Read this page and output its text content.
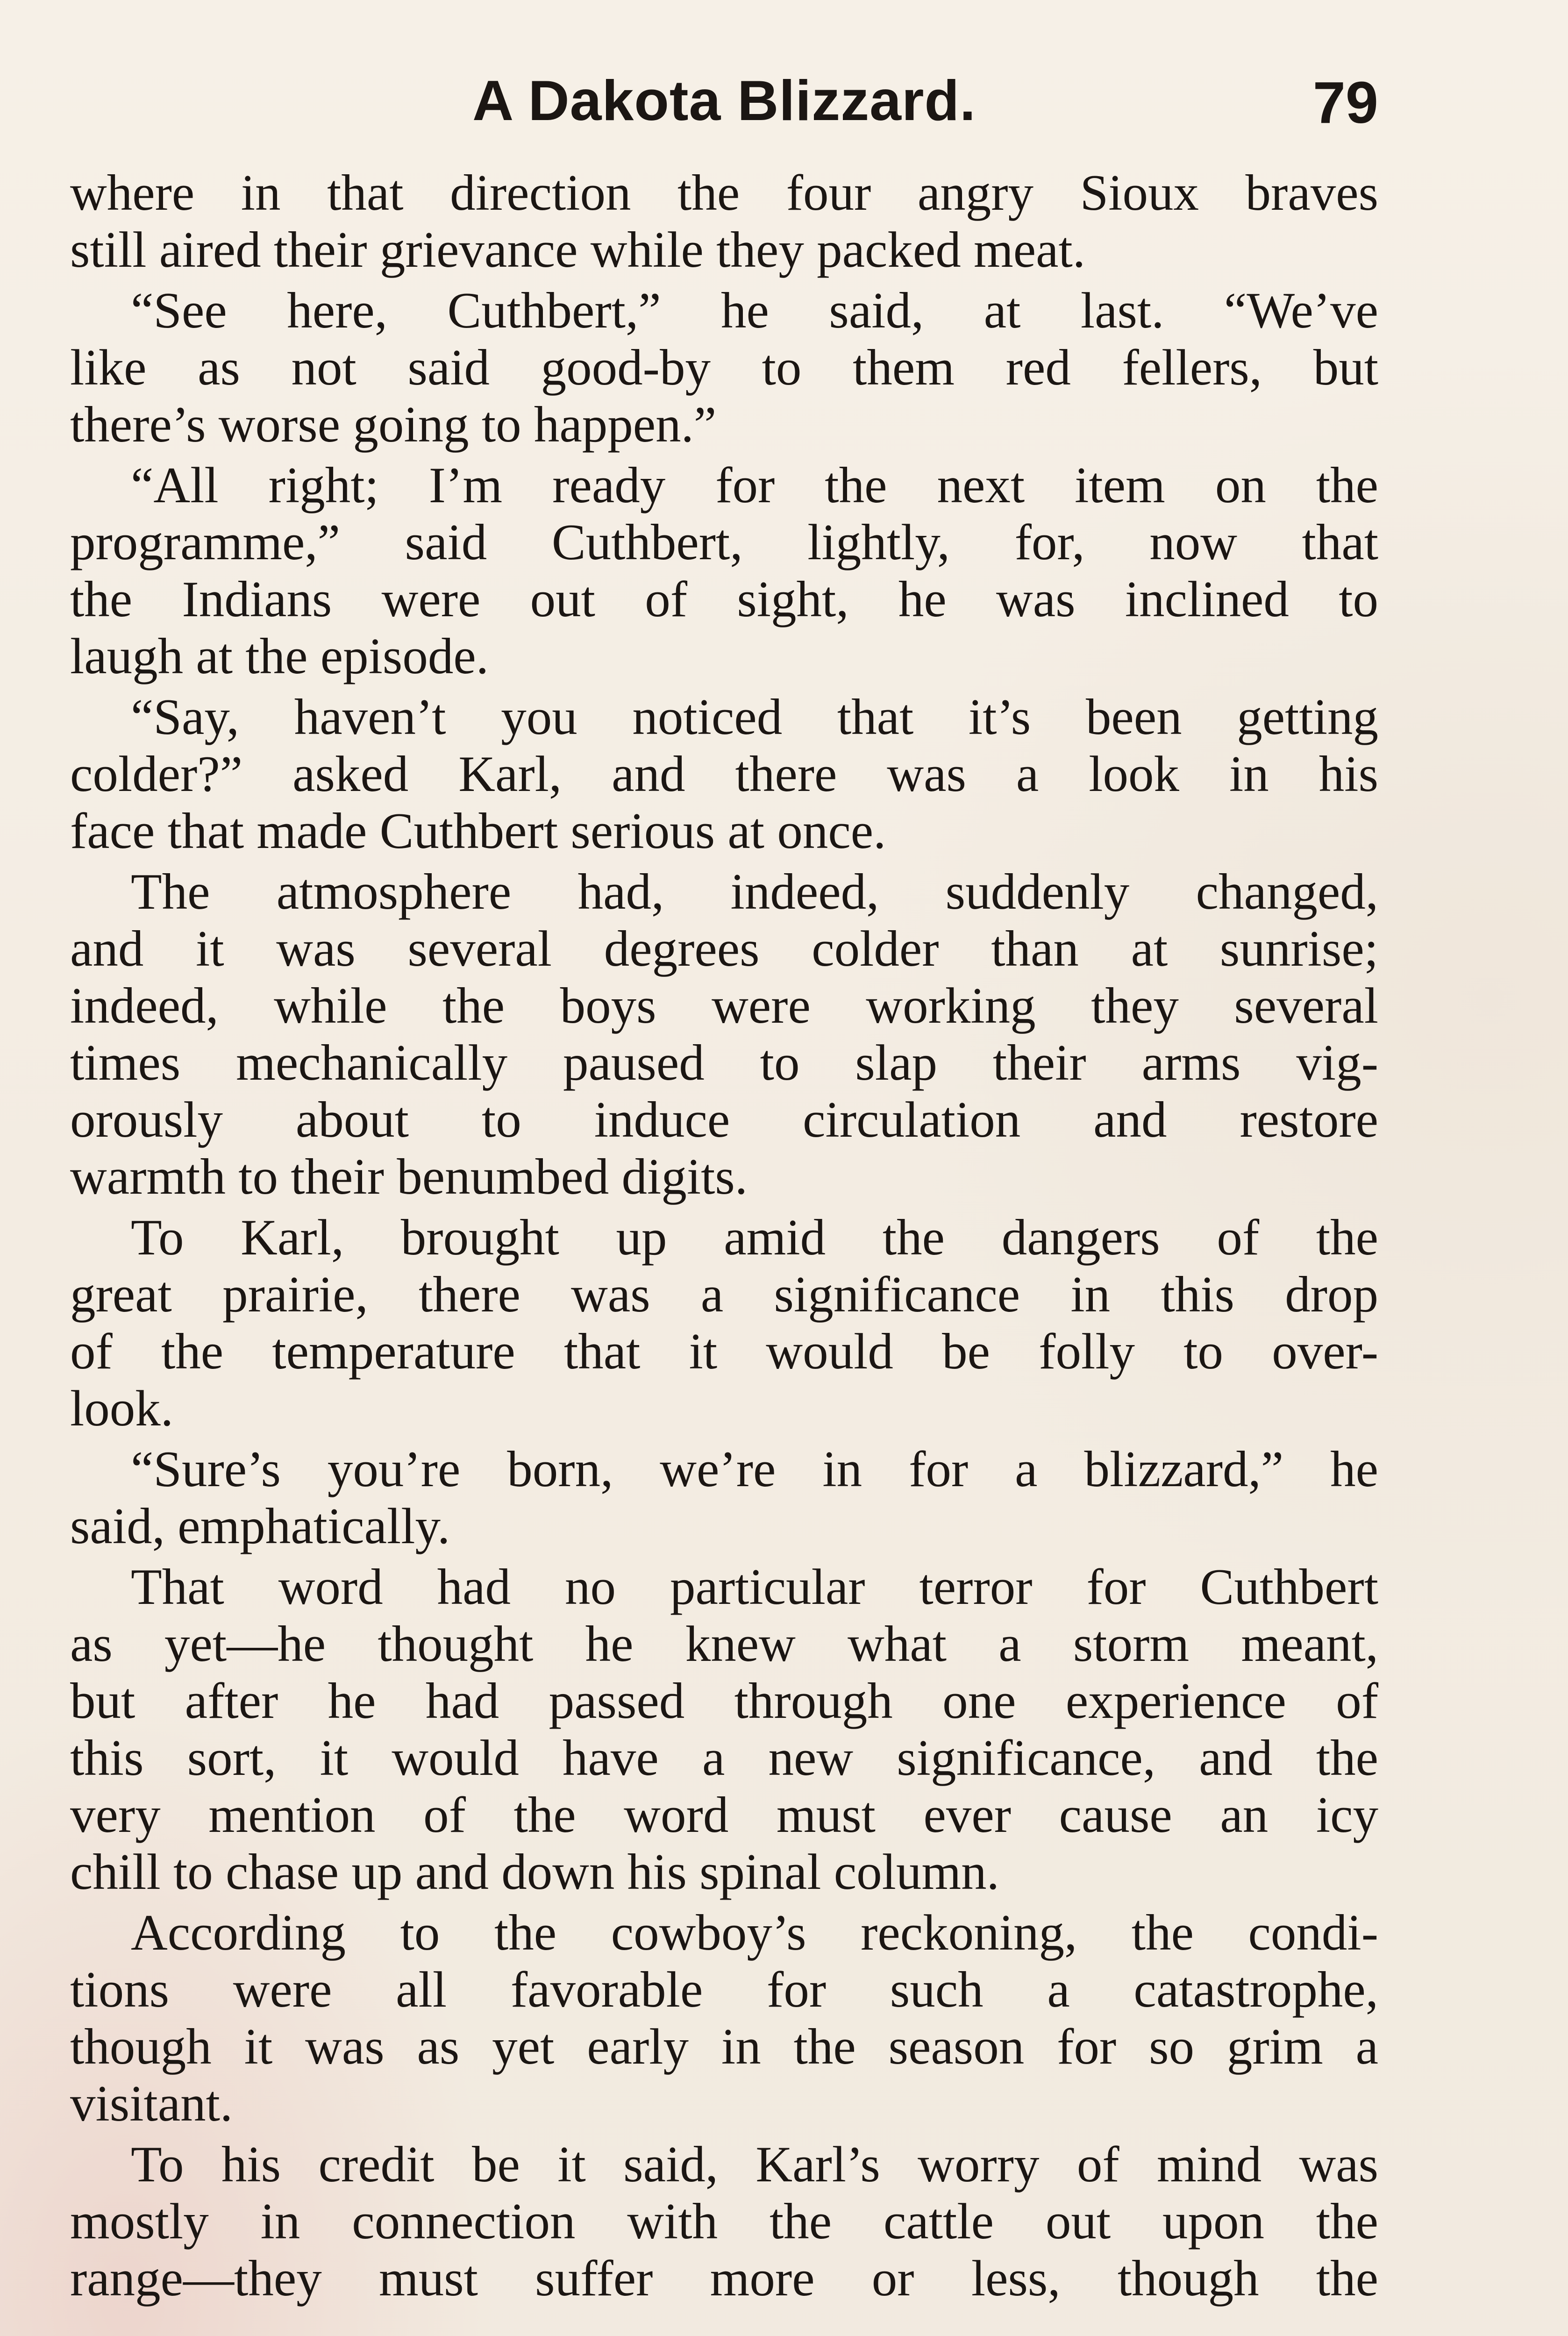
A Dakota Blizzard.	79
where in that direction the four angry Sioux braves
still aired their grievance while they packed meat.
“See here, Cuthbert,” he said, at last. “We’ve
like as not said good-by to them red fellers, but
there’s worse going to happen.”
“All right; I’m ready for the next item on the
programme,” said Cuthbert, lightly, for, now that
the Indians were out of sight, he was inclined to
laugh at the episode.
“Say, haven’t you noticed that it’s been getting
colder?” asked Karl, and there was a look in his
face that made Cuthbert serious at once.
The atmosphere had, indeed, suddenly changed,
and it was several degrees colder than at sunrise;
indeed, while the boys were working they several
times mechanically paused to slap their arms vig-
orously about to induce circulation and restore
warmth to their benumbed digits.
To Karl, brought up amid the dangers of the
great prairie, there was a significance in this drop
of the temperature that it would be folly to over-
look.
“Sure’s you’re born, we’re in for a blizzard,” he
said, emphatically.
That word had no particular terror for Cuthbert
as yet—he thought he knew what a storm meant,
but after he had passed through one experience of
this sort, it would have a new significance, and the
very mention of the word must ever cause an icy
chill to chase up and down his spinal column.
According to the cowboy’s reckoning, the condi-
tions were all favorable for such a catastrophe,
though it was as yet early in the season for so grim a
visitant.
To his credit be it said, Karl’s worry of mind was
mostly in connection with the cattle out upon the
range—they must suffer more or less, though the
